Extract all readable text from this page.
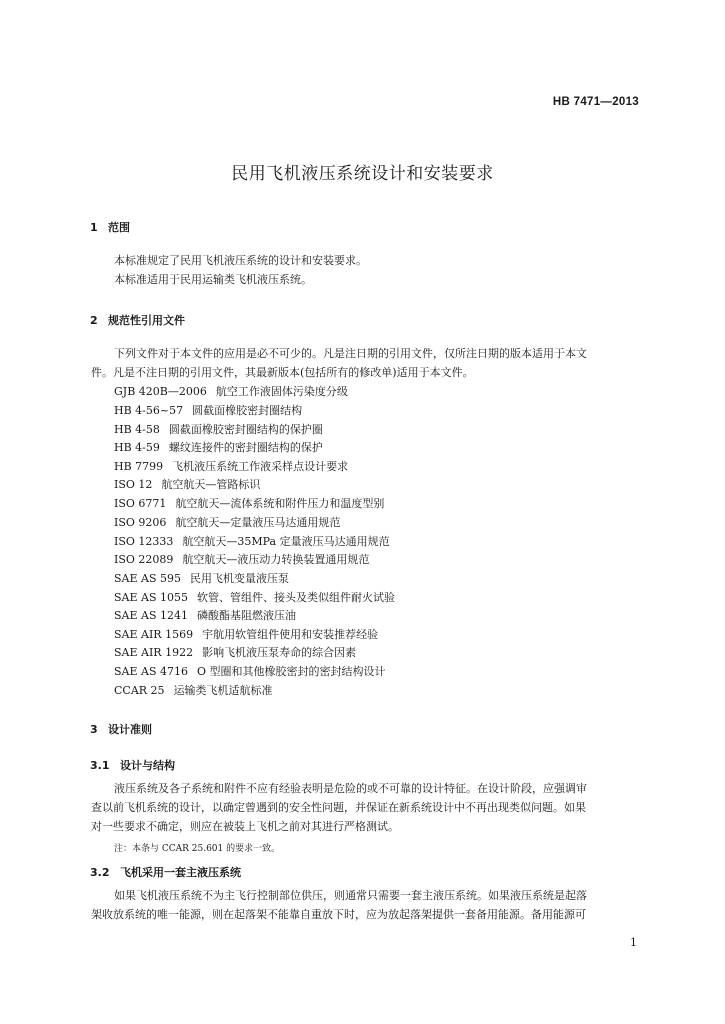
HB 7471—2013
民用飞机液压系统设计和安装要求
1 范围
本标准规定了民用飞机液压系统的设计和安装要求。
本标准适用于民用运输类飞机液压系统。
2 规范性引用文件
下列文件对于本文件的应用是必不可少的。凡是注日期的引用文件，仅所注日期的版本适用于本文
件。凡是不注日期的引用文件，其最新版本(包括所有的修改单)适用于本文件。
GJB 420B—2006 航空工作液固体污染度分级
HB 4-56~57 圆截面橡胶密封圈结构
HB 4-58 圆截面橡胶密封圈结构的保护圈
HB 4-59 螺纹连接件的密封圈结构的保护
HB 7799 飞机液压系统工作液采样点设计要求
ISO 12 航空航天—管路标识
ISO 6771 航空航天—流体系统和附件压力和温度型别
ISO 9206 航空航天—定量液压马达通用规范
ISO 12333 航空航天—35MPa 定量液压马达通用规范
ISO 22089 航空航天—液压动力转换装置通用规范
SAE AS 595 民用飞机变量液压泵
SAE AS 1055 软管、管组件、接头及类似组件耐火试验
SAE AS 1241 磷酸酯基阻燃液压油
SAE AIR 1569 宇航用软管组件使用和安装推荐经验
SAE AIR 1922 影响飞机液压泵寿命的综合因素
SAE AS 4716 O 型圈和其他橡胶密封的密封结构设计
CCAR 25 运输类飞机适航标准
3 设计准则
3.1 设计与结构
液压系统及各子系统和附件不应有经验表明是危险的或不可靠的设计特征。在设计阶段，应强调审
查以前飞机系统的设计，以确定曾遇到的安全性问题，并保证在新系统设计中不再出现类似问题。如果
对一些要求不确定，则应在被装上飞机之前对其进行严格测试。
注：本条与 CCAR 25.601 的要求一致。
3.2 飞机采用一套主液压系统
如果飞机液压系统不为主飞行控制部位供压，则通常只需要一套主液压系统。如果液压系统是起落
架收放系统的唯一能源，则在起落架不能靠自重放下时，应为放起落架提供一套备用能源。备用能源可
1
